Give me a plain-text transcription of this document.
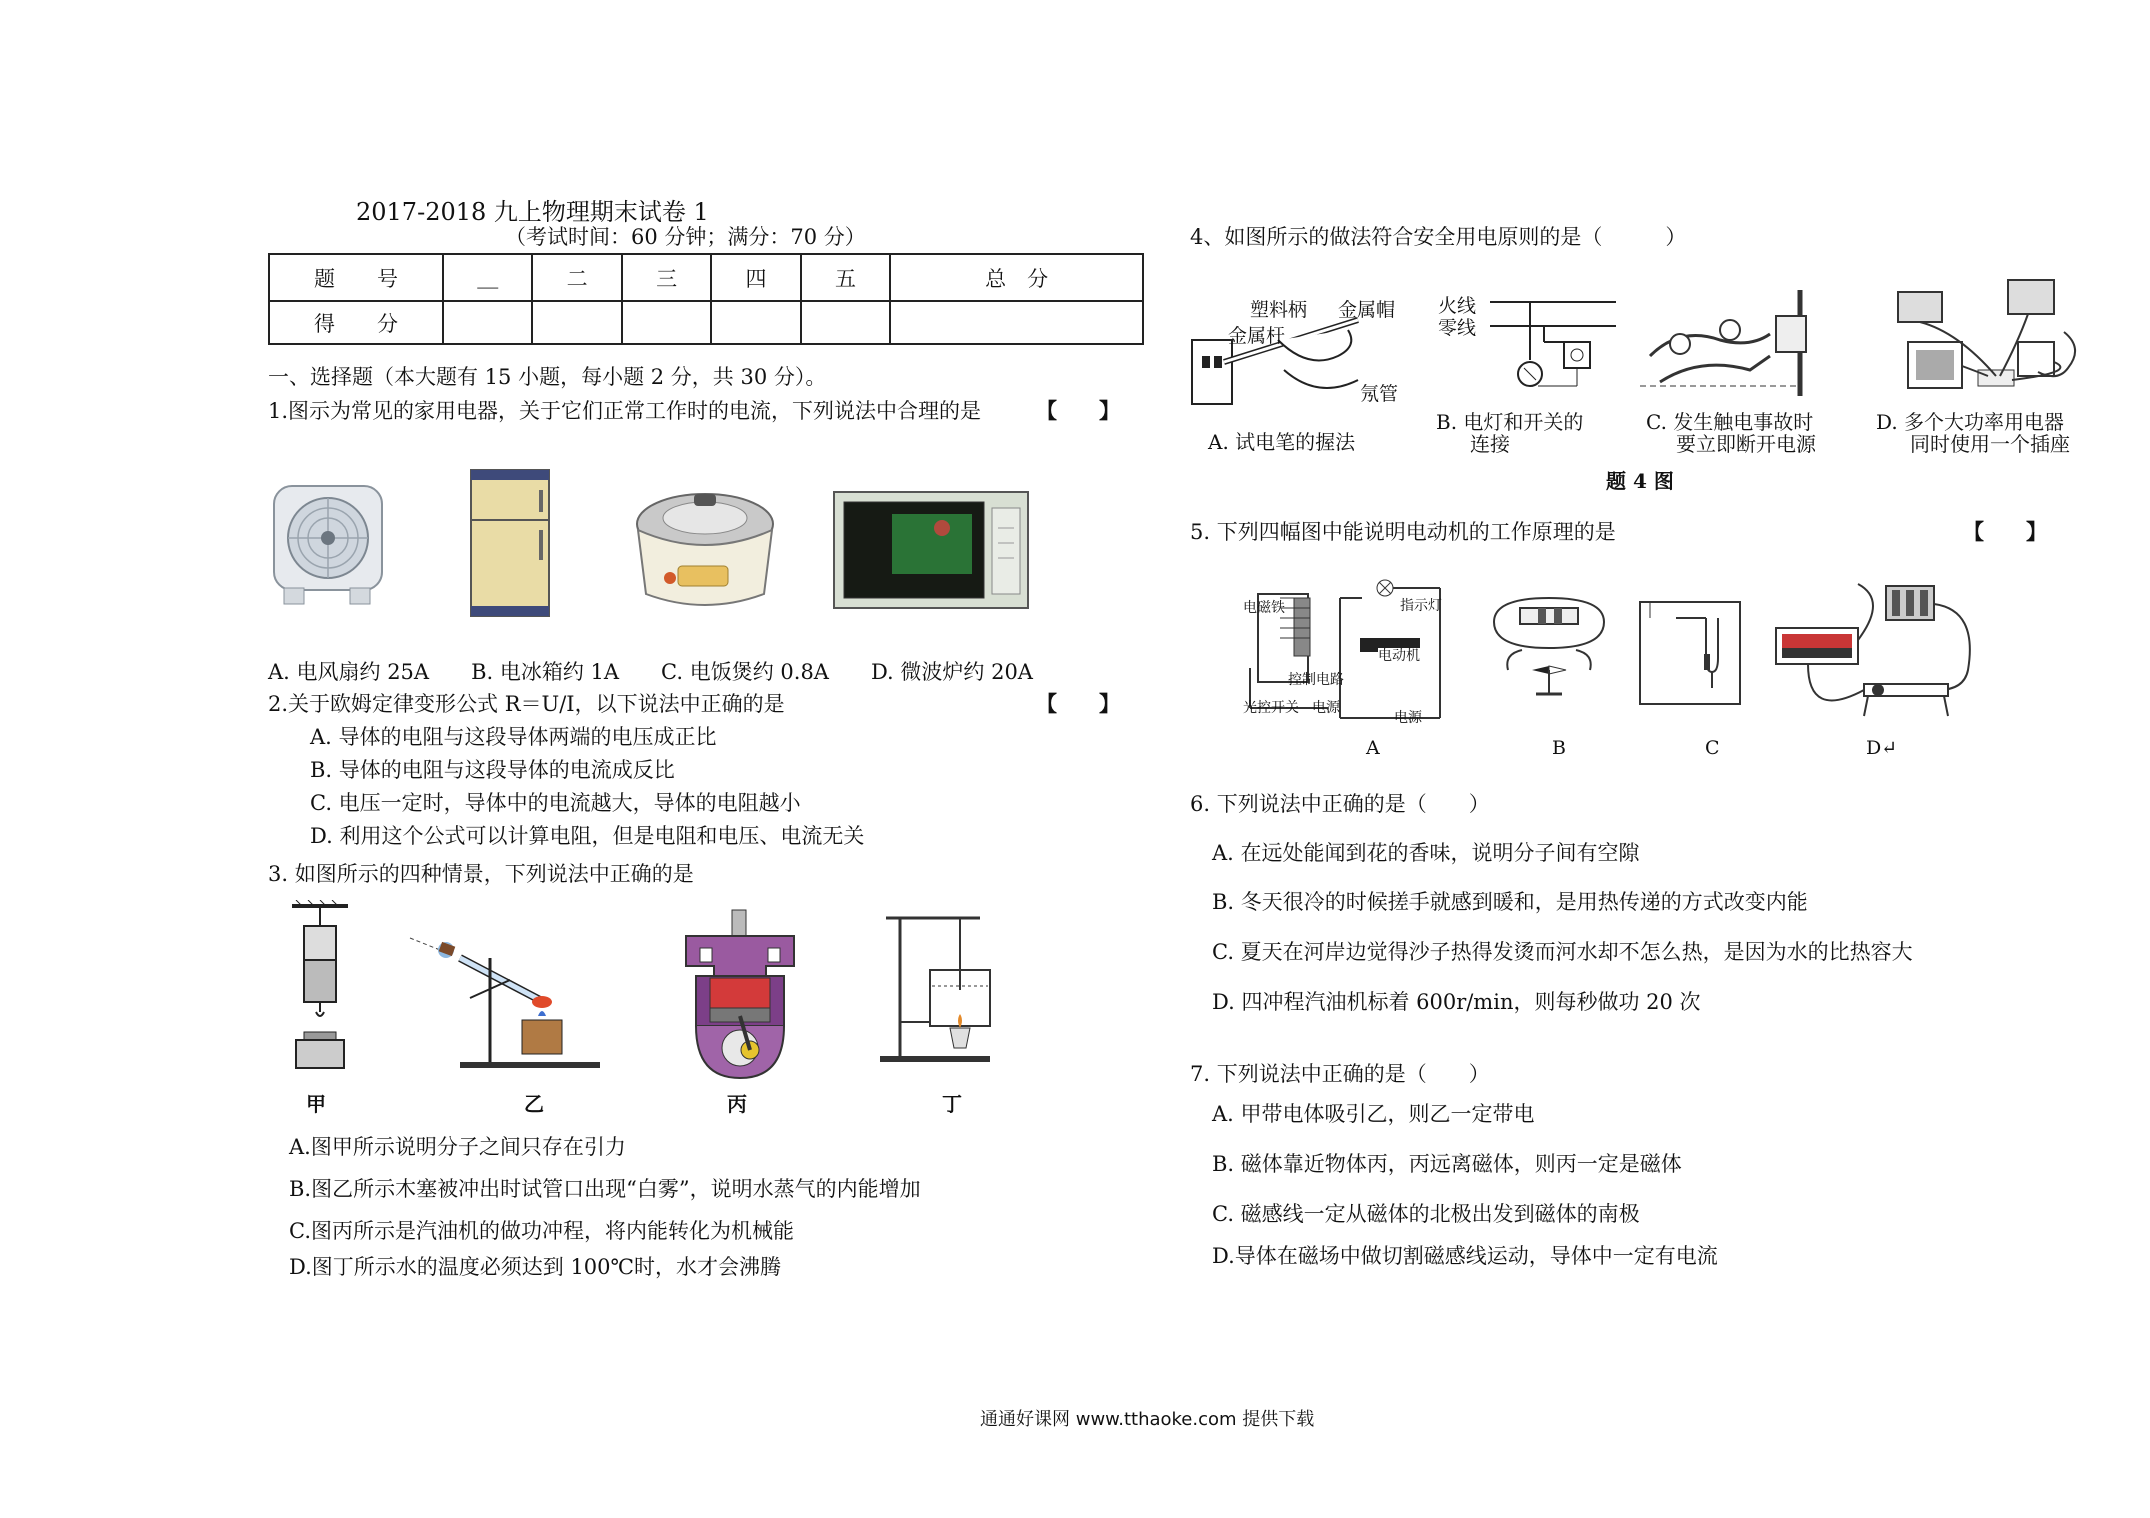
2017-2018 九上物理期末试卷 1
（考试时间：60 分钟；满分：70 分）
题　　号	＿	二	三	四	五	总　分
得　　分						
一、选择题（本大题有 15 小题，每小题 2 分，共 30 分）。
1.图示为常见的家用电器，关于它们正常工作时的电流，下列说法中合理的是	【　　】
A. 电风扇约 25A　　B. 电冰箱约 1A　　C. 电饭煲约 0.8A　　D. 微波炉约 20A
2.关于欧姆定律变形公式 R＝U/I，以下说法中正确的是	【　　】
A. 导体的电阻与这段导体两端的电压成正比
B. 导体的电阻与这段导体的电流成反比
C. 电压一定时，导体中的电流越大，导体的电阻越小
D. 利用这个公式可以计算电阻，但是电阻和电压、电流无关
3. 如图所示的四种情景，下列说法中正确的是
甲	乙	丙	丁
A.图甲所示说明分子之间只存在引力
B.图乙所示木塞被冲出时试管口出现“白雾”，说明水蒸气的内能增加
C.图丙所示是汽油机的做功冲程，将内能转化为机械能
D.图丁所示水的温度必须达到 100℃时，水才会沸腾
4、如图所示的做法符合安全用电原则的是（　　　）
塑料柄 金属帽
金属杆
氖管
火线
零线
A. 试电笔的握法
B. 电灯和开关的
连接
C. 发生触电事故时
要立即断开电源
D. 多个大功率用电器
同时使用一个插座
题 4 图
5. 下列四幅图中能说明电动机的工作原理的是	【　　】
电磁铁	指示灯
电动机
控制电路
光控开关 电源
电源
A	B	C	D↵
6. 下列说法中正确的是（　　）
A. 在远处能闻到花的香味，说明分子间有空隙
B. 冬天很冷的时候搓手就感到暖和，是用热传递的方式改变内能
C. 夏天在河岸边觉得沙子热得发烫而河水却不怎么热，是因为水的比热容大
D. 四冲程汽油机标着 600r/min，则每秒做功 20 次
7. 下列说法中正确的是（　　）
A. 甲带电体吸引乙，则乙一定带电
B. 磁体靠近物体丙，丙远离磁体，则丙一定是磁体
C. 磁感线一定从磁体的北极出发到磁体的南极
D.导体在磁场中做切割磁感线运动，导体中一定有电流
通通好课网 www.tthaoke.com 提供下载
